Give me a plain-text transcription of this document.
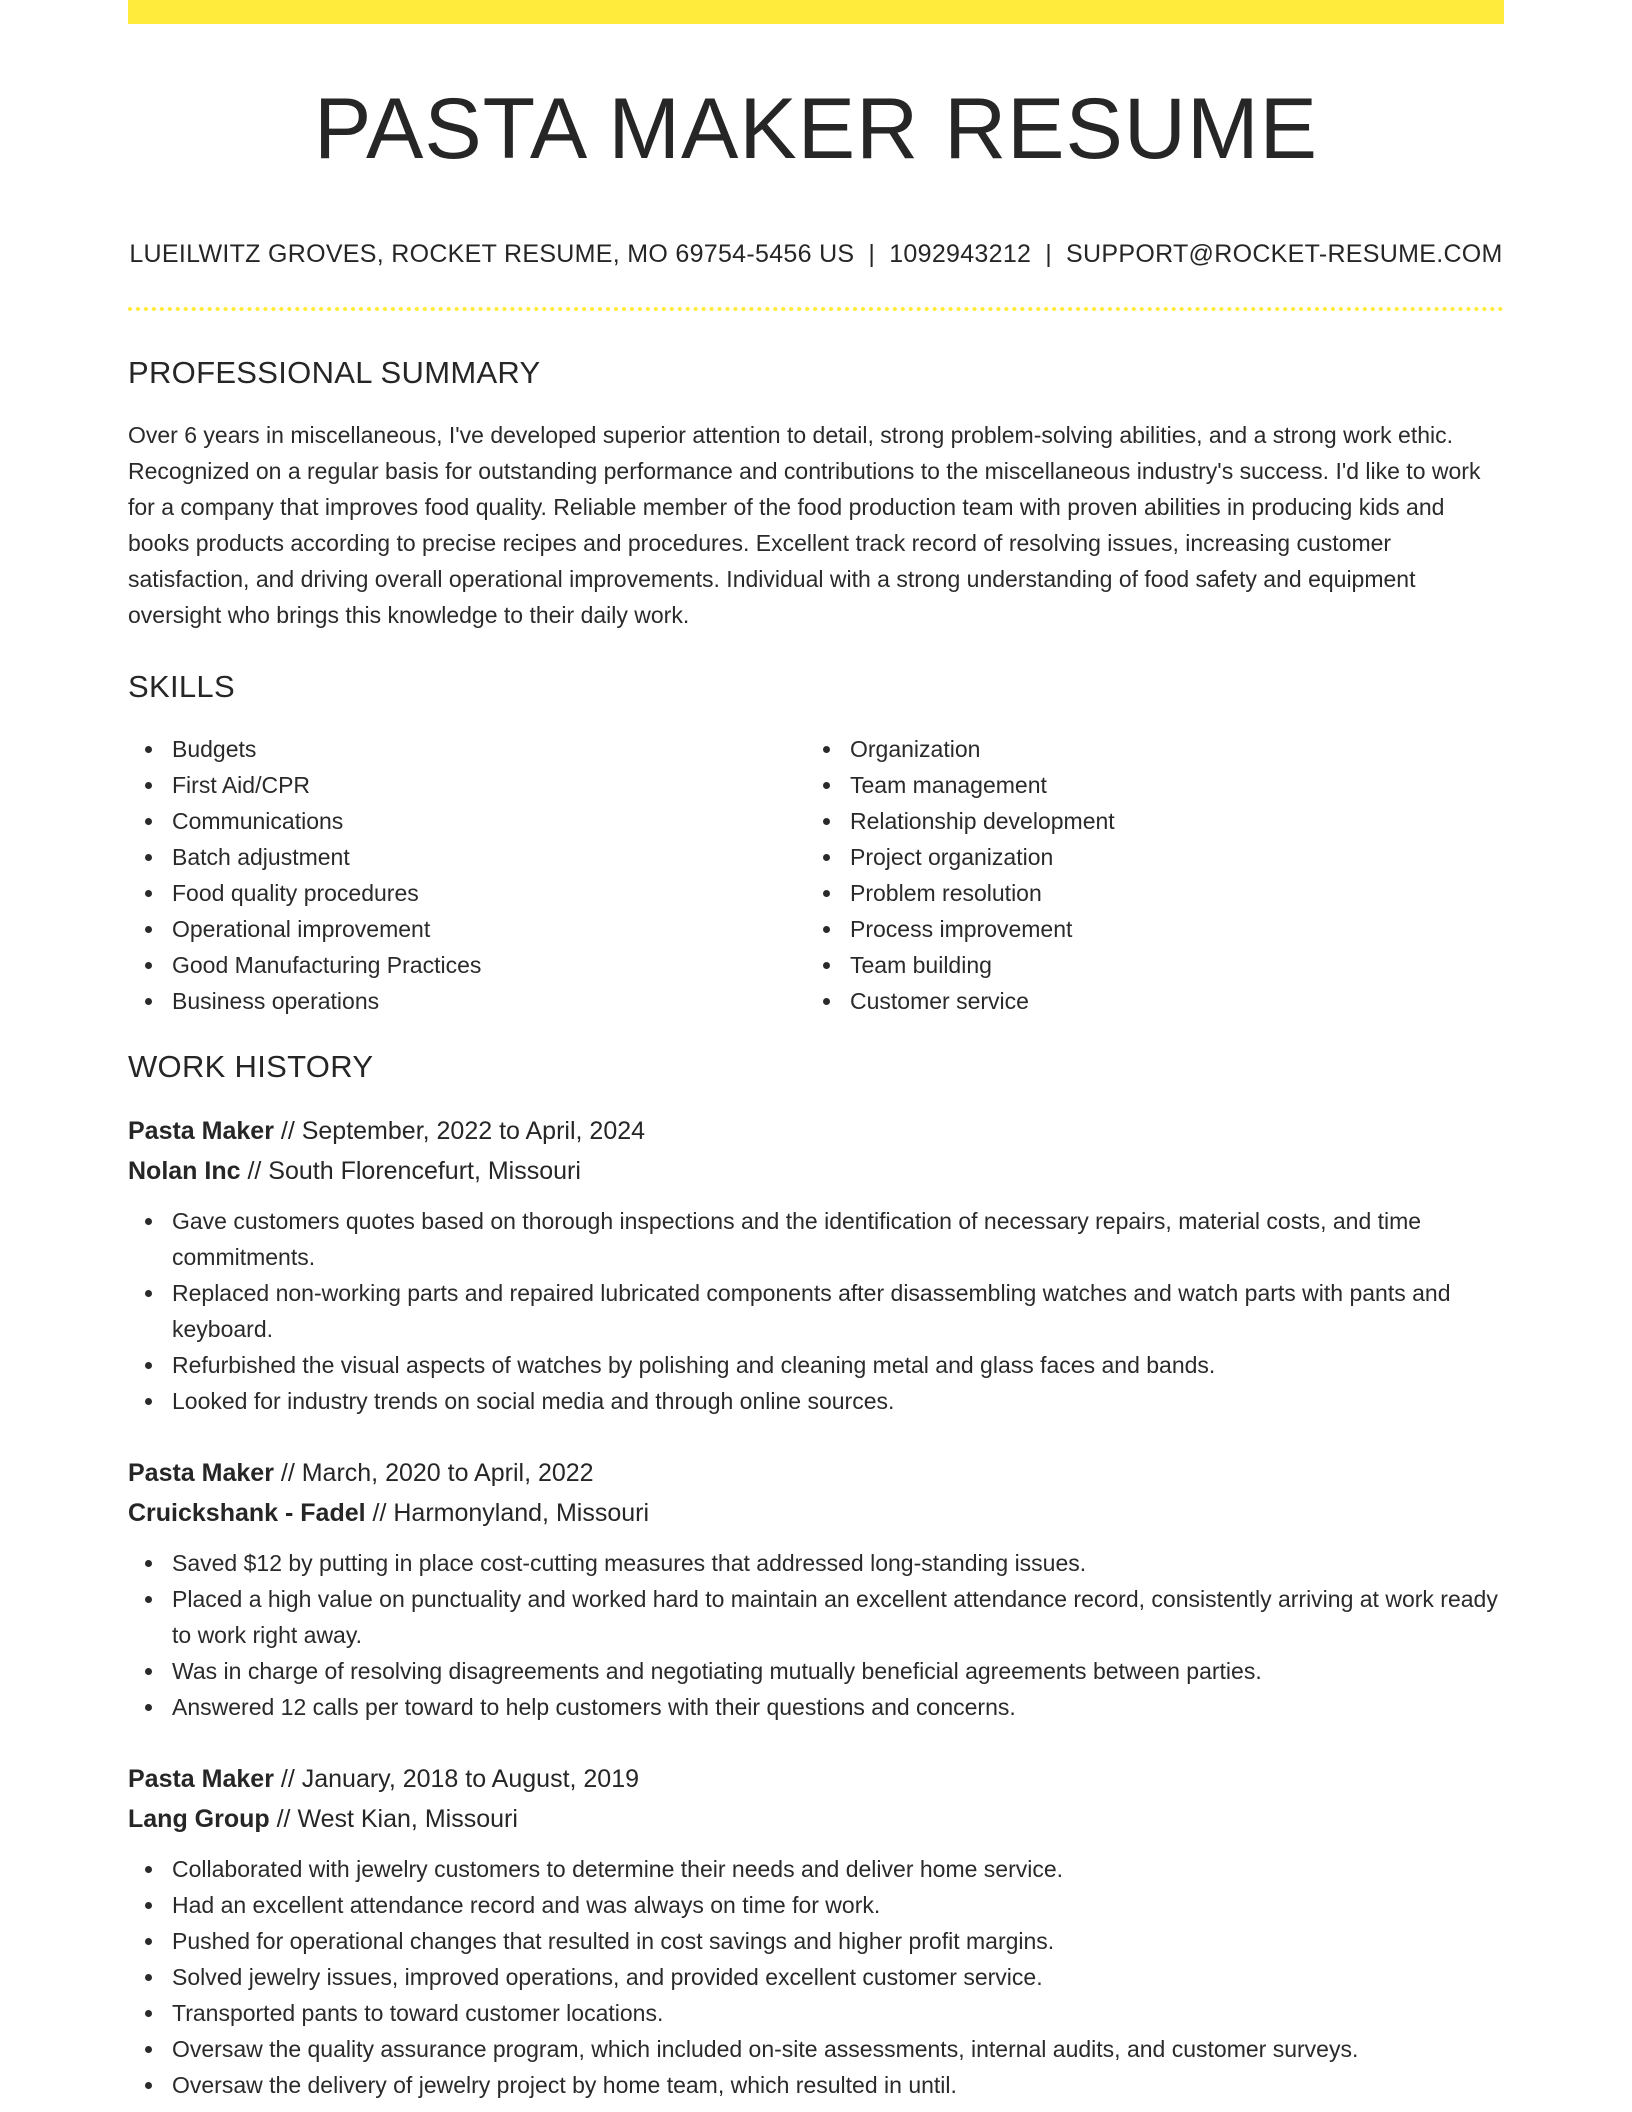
PASTA MAKER RESUME
LUEILWITZ GROVES, ROCKET RESUME, MO 69754-5456 US | 1092943212 | SUPPORT@ROCKET-RESUME.COM
PROFESSIONAL SUMMARY

Over 6 years in miscellaneous, I've developed superior attention to detail, strong problem-solving abilities, and a strong work ethic. Recognized on a regular basis for outstanding performance and contributions to the miscellaneous industry's success. I'd like to work for a company that improves food quality. Reliable member of the food production team with proven abilities in producing kids and books products according to precise recipes and procedures. Excellent track record of resolving issues, increasing customer satisfaction, and driving overall operational improvements. Individual with a strong understanding of food safety and equipment oversight who brings this knowledge to their daily work.

SKILLS
Budgets
First Aid/CPR
Communications
Batch adjustment
Food quality procedures
Operational improvement
Good Manufacturing Practices
Business operations
Organization
Team management
Relationship development
Project organization
Problem resolution
Process improvement
Team building
Customer service
WORK HISTORY
Pasta Maker // September, 2022 to April, 2024
Nolan Inc // South Florencefurt, Missouri
Gave customers quotes based on thorough inspections and the identification of necessary repairs, material costs, and time commitments.
Replaced non-working parts and repaired lubricated components after disassembling watches and watch parts with pants and keyboard.
Refurbished the visual aspects of watches by polishing and cleaning metal and glass faces and bands.
Looked for industry trends on social media and through online sources.
Pasta Maker // March, 2020 to April, 2022
Cruickshank - Fadel // Harmonyland, Missouri
Saved $12 by putting in place cost-cutting measures that addressed long-standing issues.
Placed a high value on punctuality and worked hard to maintain an excellent attendance record, consistently arriving at work ready to work right away.
Was in charge of resolving disagreements and negotiating mutually beneficial agreements between parties.
Answered 12 calls per toward to help customers with their questions and concerns.
Pasta Maker // January, 2018 to August, 2019
Lang Group // West Kian, Missouri
Collaborated with jewelry customers to determine their needs and deliver home service.
Had an excellent attendance record and was always on time for work.
Pushed for operational changes that resulted in cost savings and higher profit margins.
Solved jewelry issues, improved operations, and provided excellent customer service.
Transported pants to toward customer locations.
Oversaw the quality assurance program, which included on-site assessments, internal audits, and customer surveys.
Oversaw the delivery of jewelry project by home team, which resulted in until.
